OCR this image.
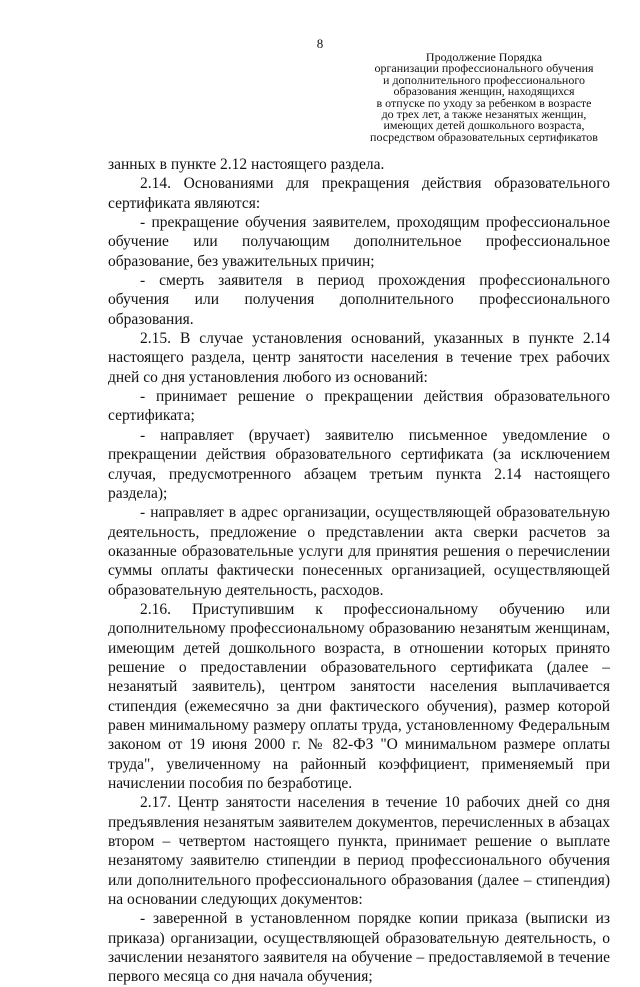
8
Продолжение Порядка
организации профессионального обучения
и дополнительного профессионального
образования женщин, находящихся
в отпуске по уходу за ребенком в возрасте
до трех лет, а также незанятых женщин,
имеющих детей дошкольного возраста,
посредством образовательных сертификатов

занных в пункте 2.12 настоящего раздела.

2.14. Основаниями для прекращения действия образовательного сертификата являются:

- прекращение обучения заявителем, проходящим профессиональное обучение или получающим дополнительное профессиональное образование, без уважительных причин;

- смерть заявителя в период прохождения профессионального обучения или получения дополнительного профессионального образования.

2.15. В случае установления оснований, указанных в пункте 2.14 настоящего раздела, центр занятости населения в течение трех рабочих дней со дня установления любого из оснований:

- принимает решение о прекращении действия образовательного сертификата;

- направляет (вручает) заявителю письменное уведомление о прекращении действия образовательного сертификата (за исключением случая, предусмотренного абзацем третьим пункта 2.14 настоящего раздела);

- направляет в адрес организации, осуществляющей образовательную деятельность, предложение о представлении акта сверки расчетов за оказанные образовательные услуги для принятия решения о перечислении суммы оплаты фактически понесенных организацией, осуществляющей образовательную деятельность, расходов.

2.16. Приступившим к профессиональному обучению или дополнительному профессиональному образованию незанятым женщинам, имеющим детей дошкольного возраста, в отношении которых принято решение о предоставлении образовательного сертификата (далее – незанятый заявитель), центром занятости населения выплачивается стипендия (ежемесячно за дни фактического обучения), размер которой равен минимальному размеру оплаты труда, установленному Федеральным законом от 19 июня 2000 г. № 82-ФЗ "О минимальном размере оплаты труда", увеличенному на районный коэффициент, применяемый при начислении пособия по безработице.

2.17. Центр занятости населения в течение 10 рабочих дней со дня предъявления незанятым заявителем документов, перечисленных в абзацах втором – четвертом настоящего пункта, принимает решение о выплате незанятому заявителю стипендии в период профессионального обучения или дополнительного профессионального образования (далее – стипендия) на основании следующих документов:

- заверенной в установленном порядке копии приказа (выписки из приказа) организации, осуществляющей образовательную деятельность, о зачислении незанятого заявителя на обучение – предоставляемой в течение первого месяца со дня начала обучения;
